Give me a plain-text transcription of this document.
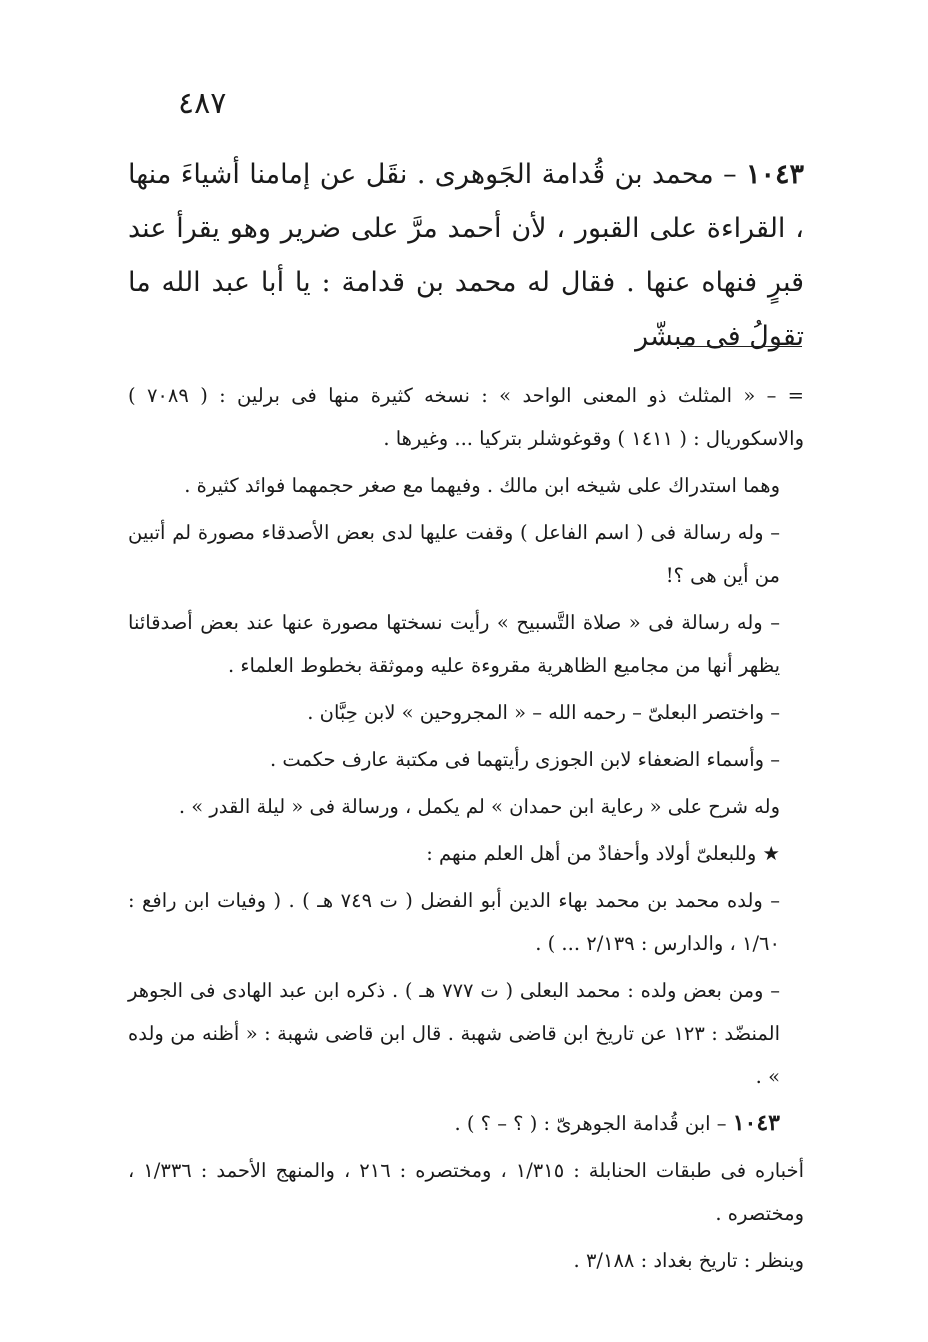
٤٨٧
١٠٤٣ – محمد بن قُدامة الجَوهرى . نقَل عن إمامنا أشياءَ منها ، القراءة على القبور ، لأن أحمد مرَّ على ضرير وهو يقرأ عند قبرٍ فنهاه عنها . فقال له محمد بن قدامة : يا أبا عبد الله ما تقولُ فى مبشّر

= – « المثلث ذو المعنى الواحد » : نسخه كثيرة منها فى برلين : ( ٧٠٨٩ ) والاسكوريال : ( ١٤١١ ) وقوغوشلر بتركيا ... وغيرها .

وهما استدراك على شيخه ابن مالك . وفيهما مع صغر حجمهما فوائد كثيرة .

– وله رسالة فى ( اسم الفاعل ) وقفت عليها لدى بعض الأصدقاء مصورة لم أتبين من أين هى ؟!

– وله رسالة فى « صلاة التَّسبيح » رأيت نسختها مصورة عنها عند بعض أصدقائنا يظهر أنها من مجاميع الظاهرية مقروءة عليه وموثقة بخطوط العلماء .

– واختصر البعلىّ – رحمه الله – « المجروحين » لابن حِبَّان .

– وأسماء الضعفاء لابن الجوزى رأيتهما فى مكتبة عارف حكمت .

وله شرح على « رعاية ابن حمدان » لم يكمل ، ورسالة فى « ليلة القدر » .

★ وللبعلىّ أولاد وأحفادٌ من أهل العلم منهم :

– ولده محمد بن محمد بهاء الدين أبو الفضل ( ت ٧٤٩ هـ ) . ( وفيات ابن رافع : ١/٦٠ ، والدارس : ٢/١٣٩ ... ) .

– ومن بعض ولده : محمد البعلى ( ت ٧٧٧ هـ ) . ذكره ابن عبد الهادى فى الجوهر المنضّد : ١٢٣ عن تاريخ ابن قاضى شهبة . قال ابن قاضى شهبة : « أظنه من ولده » .

١٠٤٣ – ابن قُدامة الجوهرىّ : ( ؟ – ؟ ) .

أخباره فى طبقات الحنابلة : ١/٣١٥ ، ومختصره : ٢١٦ ، والمنهج الأحمد : ١/٣٣٦ ، ومختصره .

وينظر : تاريخ بغداد : ٣/١٨٨ .
